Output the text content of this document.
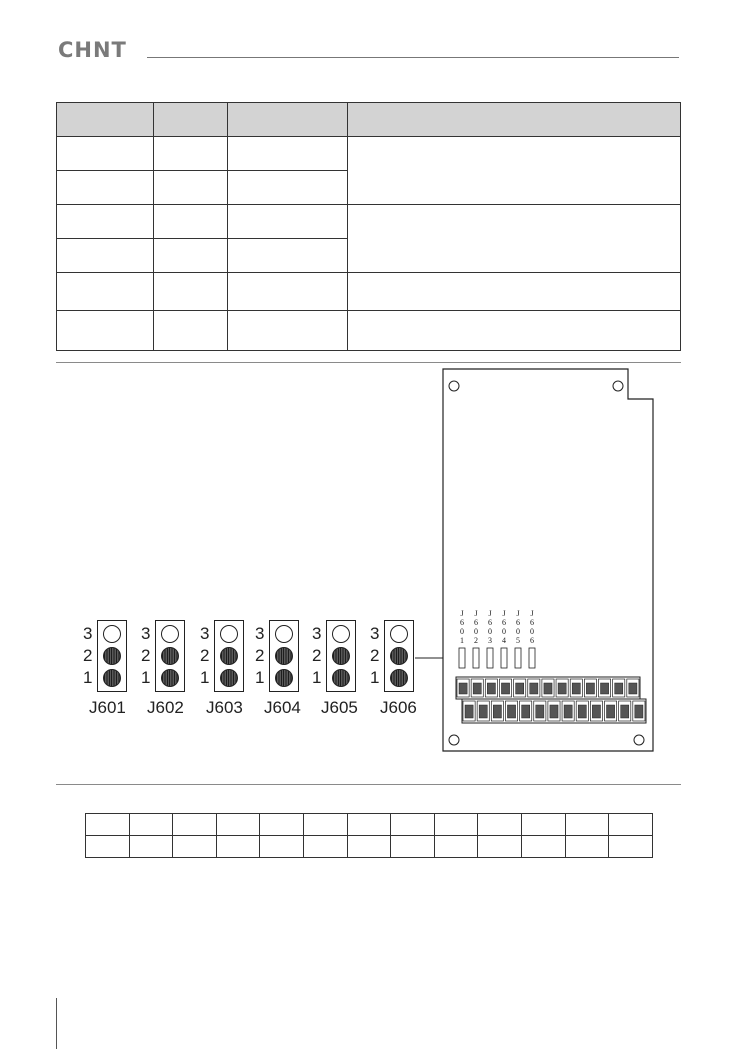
CHNT

3
2
1
J601
3
2
1
J602
3
2
1
J603
3
2
1
J604
3
2
1
J605
3
2
1
J606
J
6
0
1
J
6
0
2
J
6
0
3
J
6
0
4
J
6
0
5
J
6
0
6
